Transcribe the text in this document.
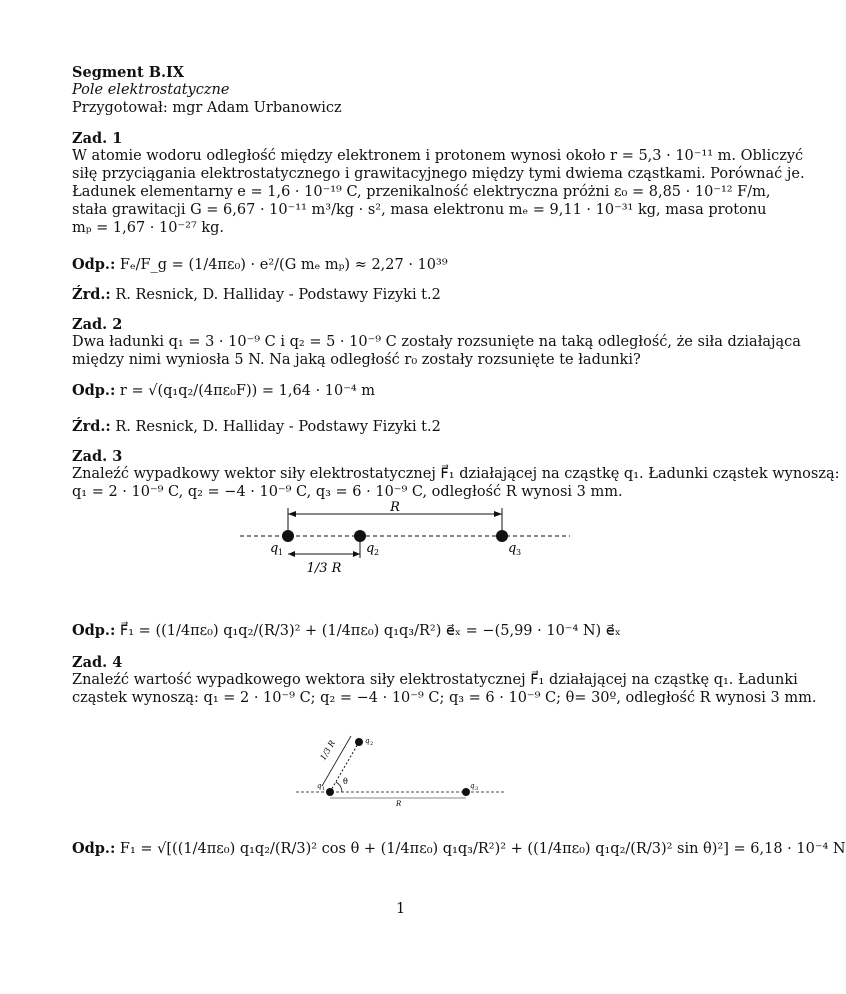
Segment B.IX
Pole elektrostatyczne
Przygotował: mgr Adam Urbanowicz
Zad. 1
W atomie wodoru odległość między elektronem i protonem wynosi około r = 5,3 · 10⁻¹¹ m. Obliczyć
siłę przyciągania elektrostatycznego i grawitacyjnego między tymi dwiema cząstkami. Porównać je.
Ładunek elementarny e = 1,6 · 10⁻¹⁹ C, przenikalność elektryczna próżni ε₀ = 8,85 · 10⁻¹² F/m,
stała grawitacji G = 6,67 · 10⁻¹¹ m³/kg · s², masa elektronu mₑ = 9,11 · 10⁻³¹ kg, masa protonu
mₚ = 1,67 · 10⁻²⁷ kg.
Odp.: Fₑ/F_g = (1/4πε₀) · e²/(G mₑ mₚ) ≈ 2,27 · 10³⁹
Źrd.: R. Resnick, D. Halliday - Podstawy Fizyki t.2
Zad. 2
Dwa ładunki q₁ = 3 · 10⁻⁹ C i q₂ = 5 · 10⁻⁹ C zostały rozsunięte na taką odległość, że siła działająca
między nimi wyniosła 5 N. Na jaką odległość r₀ zostały rozsunięte te ładunki?
Odp.: r = √(q₁q₂/(4πε₀F)) = 1,64 · 10⁻⁴ m
Źrd.: R. Resnick, D. Halliday - Podstawy Fizyki t.2
Zad. 3
Znaleźć wypadkowy wektor siły elektrostatycznej F⃗₁ działającej na cząstkę q₁. Ładunki cząstek wynoszą:
q₁ = 2 · 10⁻⁹ C, q₂ = −4 · 10⁻⁹ C, q₃ = 6 · 10⁻⁹ C, odległość R wynosi 3 mm.
R
q 1	q 2	q 3
1/3 R
Odp.: F⃗₁ = ((1/4πε₀) q₁q₂/(R/3)² + (1/4πε₀) q₁q₃/R²) e⃗ₓ = −(5,99 · 10⁻⁴ N) e⃗ₓ
Zad. 4
Znaleźć wartość wypadkowego wektora siły elektrostatycznej F⃗₁ działającej na cząstkę q₁. Ładunki
cząstek wynoszą: q₁ = 2 · 10⁻⁹ C; q₂ = −4 · 10⁻⁹ C; q₃ = 6 · 10⁻⁹ C; θ= 30º, odległość R wynosi 3 mm.
1/3 R
θ
q 1
q 2
q 3
R
Odp.: F₁ = √[((1/4πε₀) q₁q₂/(R/3)² cos θ + (1/4πε₀) q₁q₃/R²)² + ((1/4πε₀) q₁q₂/(R/3)² sin θ)²] = 6,18 · 10⁻⁴ N
1
